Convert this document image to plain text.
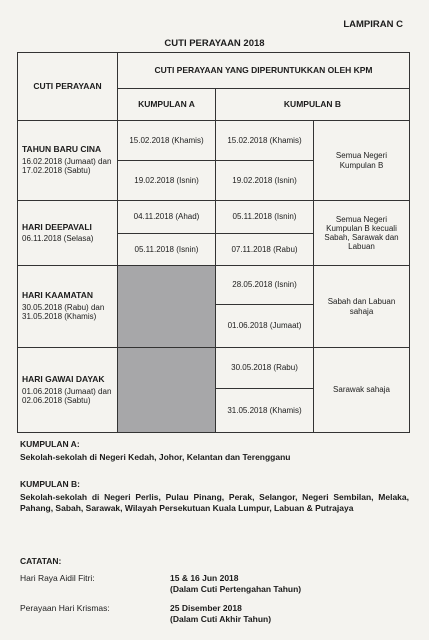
LAMPIRAN C
CUTI PERAYAAN 2018
CUTI PERAYAAN	CUTI PERAYAAN YANG DIPERUNTUKKAN OLEH KPM		
	KUMPULAN A	KUMPULAN B	

TAHUN BARU CINA
16.02.2018 (Jumaat) dan 17.02.2018 (Sabtu)	15.02.2018 (Khamis)	15.02.2018 (Khamis)	Semua Negeri Kumpulan B
	19.02.2018 (Isnin)	19.02.2018 (Isnin)	

HARI DEEPAVALI
06.11.2018 (Selasa)	04.11.2018 (Ahad)	05.11.2018 (Isnin)	Semua Negeri Kumpulan B kecuali Sabah, Sarawak dan Labuan
	05.11.2018 (Isnin)	07.11.2018 (Rabu)	

HARI KAAMATAN
30.05.2018 (Rabu) dan 31.05.2018 (Khamis)		28.05.2018 (Isnin)	Sabah dan Labuan sahaja
		01.06.2018 (Jumaat)	

HARI GAWAI DAYAK
01.06.2018 (Jumaat) dan 02.06.2018 (Sabtu)		30.05.2018 (Rabu)	Sarawak sahaja
		31.05.2018 (Khamis)	
KUMPULAN A:
Sekolah-sekolah di Negeri Kedah, Johor, Kelantan dan Terengganu
KUMPULAN B:
Sekolah-sekolah di Negeri Perlis, Pulau Pinang, Perak, Selangor, Negeri Sembilan, Melaka, Pahang, Sabah, Sarawak, Wilayah Persekutuan Kuala Lumpur, Labuan & Putrajaya
CATATAN:
Hari Raya Aidil Fitri:	15 & 16 Jun 2018
(Dalam Cuti Pertengahan Tahun)
Perayaan Hari Krismas:	25 Disember 2018
(Dalam Cuti Akhir Tahun)
